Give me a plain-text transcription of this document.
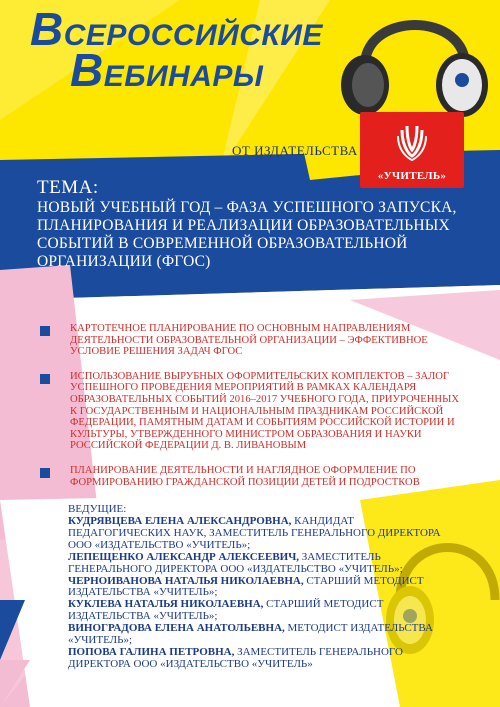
ВСЕРОССИЙСКИЕ
ВЕБИНАРЫ
ОТ ИЗДАТЕЛЬСТВА
«УЧИТЕЛЬ»
ТЕМА:
НОВЫЙ УЧЕБНЫЙ ГОД – ФАЗА УСПЕШНОГО ЗАПУСКА, ПЛАНИРОВАНИЯ И РЕАЛИЗАЦИИ ОБРАЗОВАТЕЛЬНЫХ СОБЫТИЙ В СОВРЕМЕННОЙ ОБРАЗОВАТЕЛЬНОЙ ОРГАНИЗАЦИИ (ФГОС)
КАРТОТЕЧНОЕ ПЛАНИРОВАНИЕ ПО ОСНОВНЫМ НАПРАВЛЕНИЯМ ДЕЯТЕЛЬНОСТИ ОБРАЗОВАТЕЛЬНОЙ ОРГАНИЗАЦИИ – ЭФФЕКТИВНОЕ УСЛОВИЕ РЕШЕНИЯ ЗАДАЧ ФГОС
ИСПОЛЬЗОВАНИЕ ВЫРУБНЫХ ОФОРМИТЕЛЬСКИХ КОМПЛЕКТОВ – ЗАЛОГ УСПЕШНОГО ПРОВЕДЕНИЯ МЕРОПРИЯТИЙ В РАМКАХ КАЛЕНДАРЯ ОБРАЗОВАТЕЛЬНЫХ СОБЫТИЙ 2016–2017 УЧЕБНОГО ГОДА, ПРИУРОЧЕННЫХ К ГОСУДАРСТВЕННЫМ И НАЦИОНАЛЬНЫМ ПРАЗДНИКАМ РОССИЙСКОЙ ФЕДЕРАЦИИ, ПАМЯТНЫМ ДАТАМ И СОБЫТИЯМ РОССИЙСКОЙ ИСТОРИИ И КУЛЬТУРЫ, УТВЕРЖДЕННОГО МИНИСТРОМ ОБРАЗОВАНИЯ И НАУКИ РОССИЙСКОЙ ФЕДЕРАЦИИ Д. В. ЛИВАНОВЫМ
ПЛАНИРОВАНИЕ ДЕЯТЕЛЬНОСТИ И НАГЛЯДНОЕ ОФОРМЛЕНИЕ ПО ФОРМИРОВАНИЮ ГРАЖДАНСКОЙ ПОЗИЦИИ ДЕТЕЙ И ПОДРОСТКОВ
ВЕДУЩИЕ:
КУДРЯВЦЕВА ЕЛЕНА АЛЕКСАНДРОВНА, КАНДИДАТ ПЕДАГОГИЧЕСКИХ НАУК, ЗАМЕСТИТЕЛЬ ГЕНЕРАЛЬНОГО ДИРЕКТОРА ООО «ИЗДАТЕЛЬСТВО «УЧИТЕЛЬ»;
ЛЕПЕЩЕНКО АЛЕКСАНДР АЛЕКСЕЕВИЧ, ЗАМЕСТИТЕЛЬ ГЕНЕРАЛЬНОГО ДИРЕКТОРА ООО «ИЗДАТЕЛЬСТВО «УЧИТЕЛЬ»;
ЧЕРНОИВАНОВА НАТАЛЬЯ НИКОЛАЕВНА, СТАРШИЙ МЕТОДИСТ ИЗДАТЕЛЬСТВА «УЧИТЕЛЬ»;
КУКЛЕВА НАТАЛЬЯ НИКОЛАЕВНА, СТАРШИЙ МЕТОДИСТ ИЗДАТЕЛЬСТВА «УЧИТЕЛЬ»;
ВИНОГРАДОВА ЕЛЕНА АНАТОЛЬЕВНА, МЕТОДИСТ ИЗДАТЕЛЬСТВА «УЧИТЕЛЬ»;
ПОПОВА ГАЛИНА ПЕТРОВНА, ЗАМЕСТИТЕЛЬ ГЕНЕРАЛЬНОГО ДИРЕКТОРА ООО «ИЗДАТЕЛЬСТВО «УЧИТЕЛЬ»
